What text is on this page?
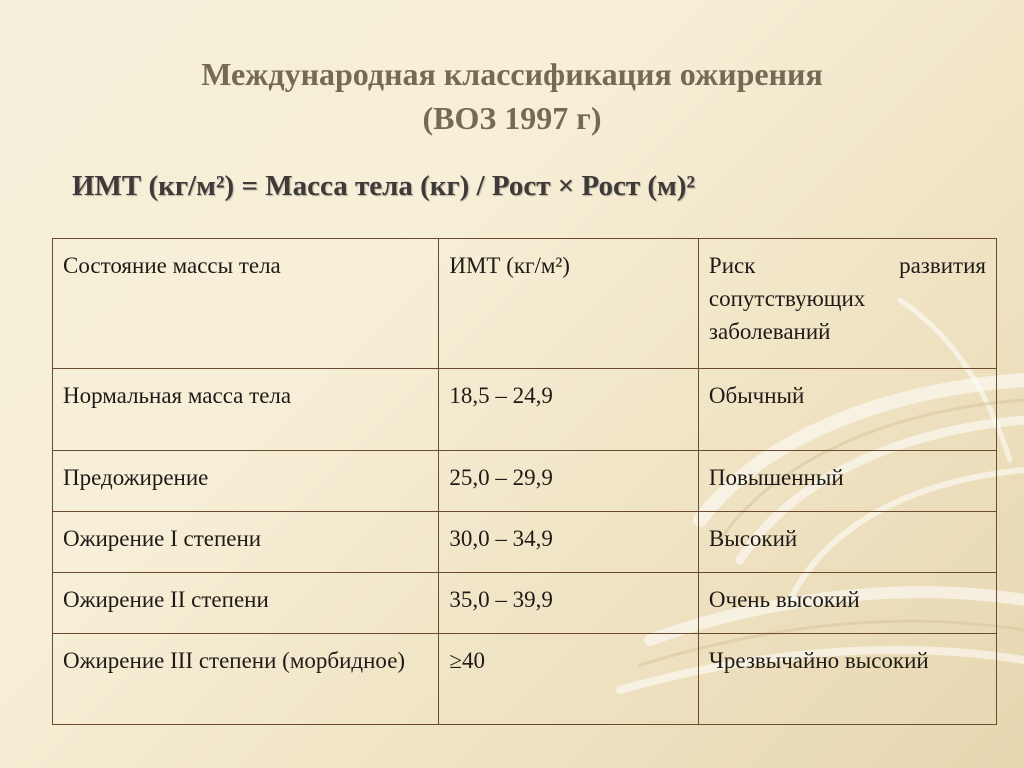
Международная классификация ожирения
(ВОЗ 1997 г)
ИМТ (кг/м²) = Масса тела (кг) / Рост × Рост (м)²
Состояние массы тела	ИМТ (кг/м²)	Риск развития сопутствующих заболеваний
Нормальная масса тела	18,5 – 24,9	Обычный
Предожирение	25,0 – 29,9	Повышенный
Ожирение I степени	30,0 – 34,9	Высокий
Ожирение II степени	35,0 – 39,9	Очень высокий
Ожирение III степени (морбидное)	≥40	Чрезвычайно высокий
